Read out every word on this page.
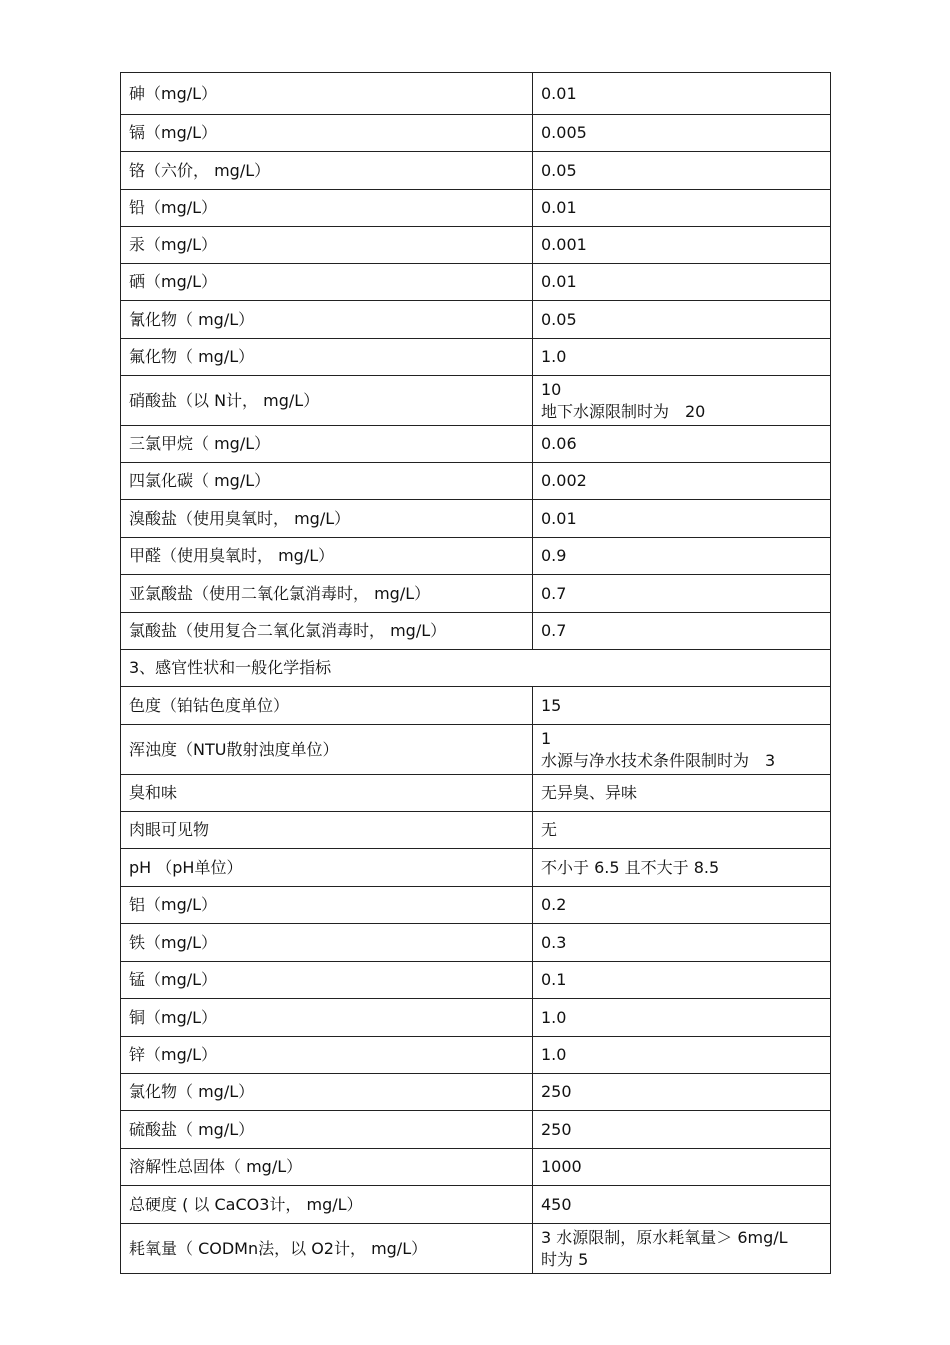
砷（mg/L）	0.01
镉（mg/L）	0.005
铬（六价， mg/L）	0.05
铅（mg/L）	0.01
汞（mg/L）	0.001
硒（mg/L）	0.01
氰化物（ mg/L）	0.05
氟化物（ mg/L）	1.0
硝酸盐（以 N计， mg/L）	10
地下水源限制时为　20

三氯甲烷（ mg/L）	0.06
四氯化碳（ mg/L）	0.002
溴酸盐（使用臭氧时， mg/L）	0.01
甲醛（使用臭氧时， mg/L）	0.9
亚氯酸盐（使用二氧化氯消毒时， mg/L）	0.7
氯酸盐（使用复合二氧化氯消毒时， mg/L）	0.7
3、感官性状和一般化学指标	
色度（铂钴色度单位）	15
浑浊度（NTU散射浊度单位）	1
水源与净水技术条件限制时为　3

臭和味	无异臭、异味
肉眼可见物	无
pH （pH单位）	不小于 6.5 且不大于 8.5
铝（mg/L）	0.2
铁（mg/L）	0.3
锰（mg/L）	0.1
铜（mg/L）	1.0
锌（mg/L）	1.0
氯化物（ mg/L）	250
硫酸盐（ mg/L）	250
溶解性总固体（ mg/L）	1000
总硬度 ( 以 CaCO3计， mg/L）	450
耗氧量（ CODMn法，以 O2计， mg/L）	3 水源限制，原水耗氧量＞ 6mg/L
时为 5
